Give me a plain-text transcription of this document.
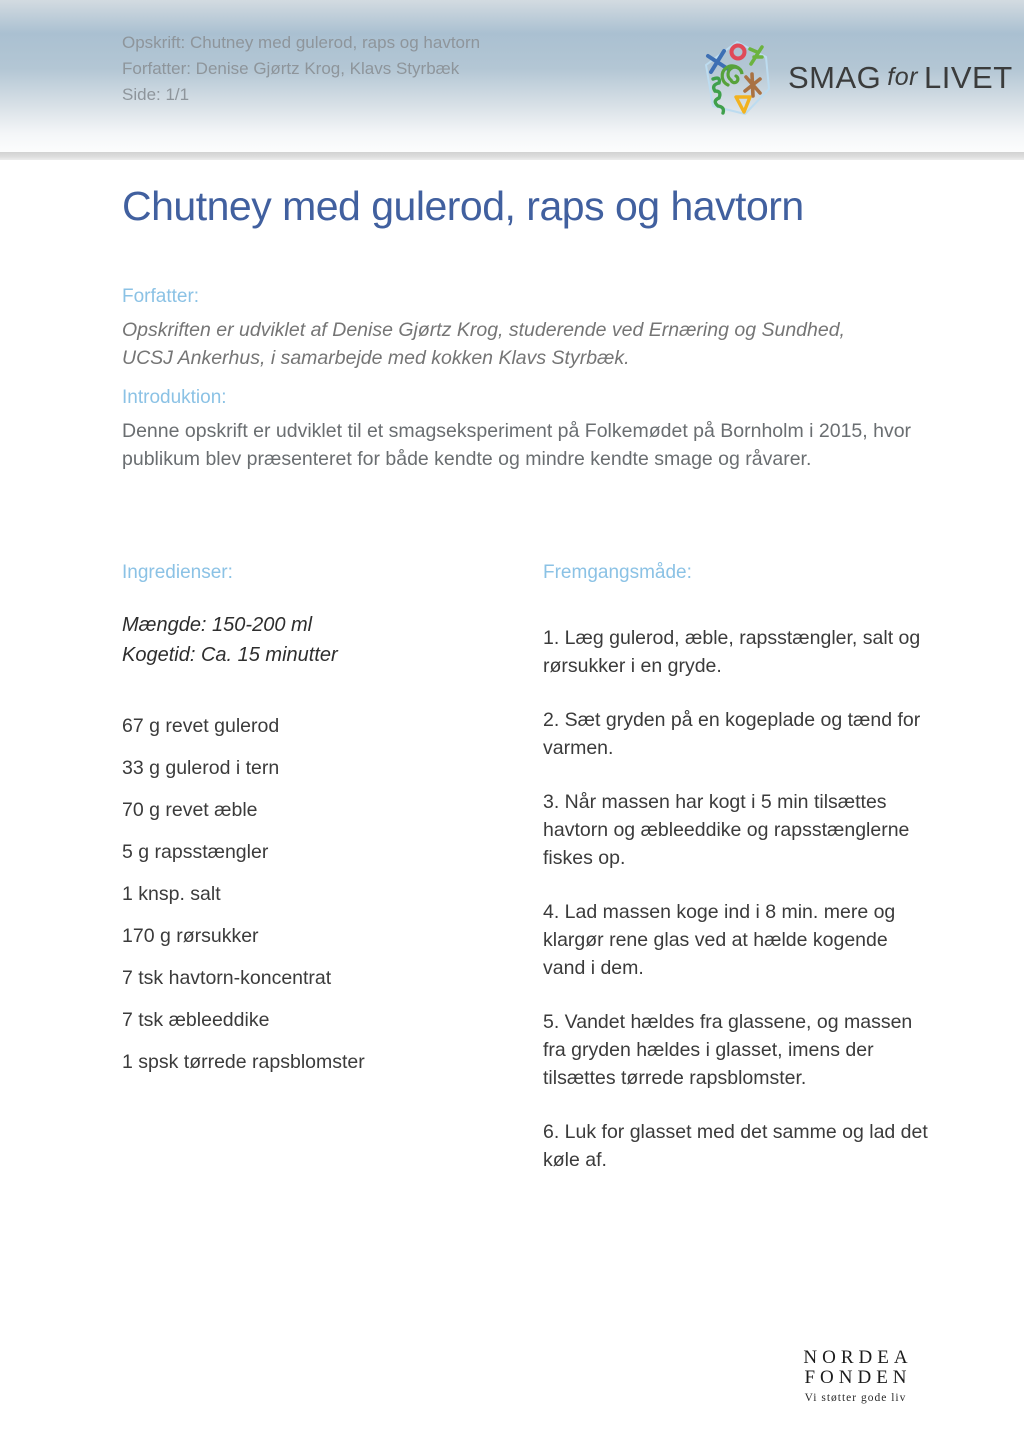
Opskrift: Chutney med gulerod, raps og havtorn
Forfatter: Denise Gjørtz Krog, Klavs Styrbæk
Side: 1/1	SMAG for LIVET
Chutney med gulerod, raps og havtorn
Forfatter:
Opskriften er udviklet af Denise Gjørtz Krog, studerende ved Ernæring og Sundhed, UCSJ Ankerhus, i samarbejde med kokken Klavs Styrbæk.
Introduktion:
Denne opskrift er udviklet til et smagseksperiment på Folkemødet på Bornholm i 2015, hvor publikum blev præsenteret for både kendte og mindre kendte smage og råvarer.
Ingredienser:
Mængde: 150-200 ml
Kogetid: Ca. 15 minutter
67 g revet gulerod
33 g gulerod i tern
70 g revet æble
5 g rapsstængler
1 knsp. salt
170 g rørsukker
7 tsk havtorn-koncentrat
7 tsk æbleeddike
1 spsk tørrede rapsblomster
Fremgangsmåde:
1. Læg gulerod, æble, rapsstængler, salt og rørsukker i en gryde.
2. Sæt gryden på en kogeplade og tænd for varmen.
3. Når massen har kogt i 5 min tilsættes havtorn og æbleeddike og rapsstænglerne fiskes op.
4. Lad massen koge ind i 8 min. mere og klargør rene glas ved at hælde kogende vand i dem.
5. Vandet hældes fra glassene, og massen fra gryden hældes i glasset, imens der tilsættes tørrede rapsblomster.
6. Luk for glasset med det samme og lad det køle af.
NORDEA
FONDEN
Vi støtter gode liv
